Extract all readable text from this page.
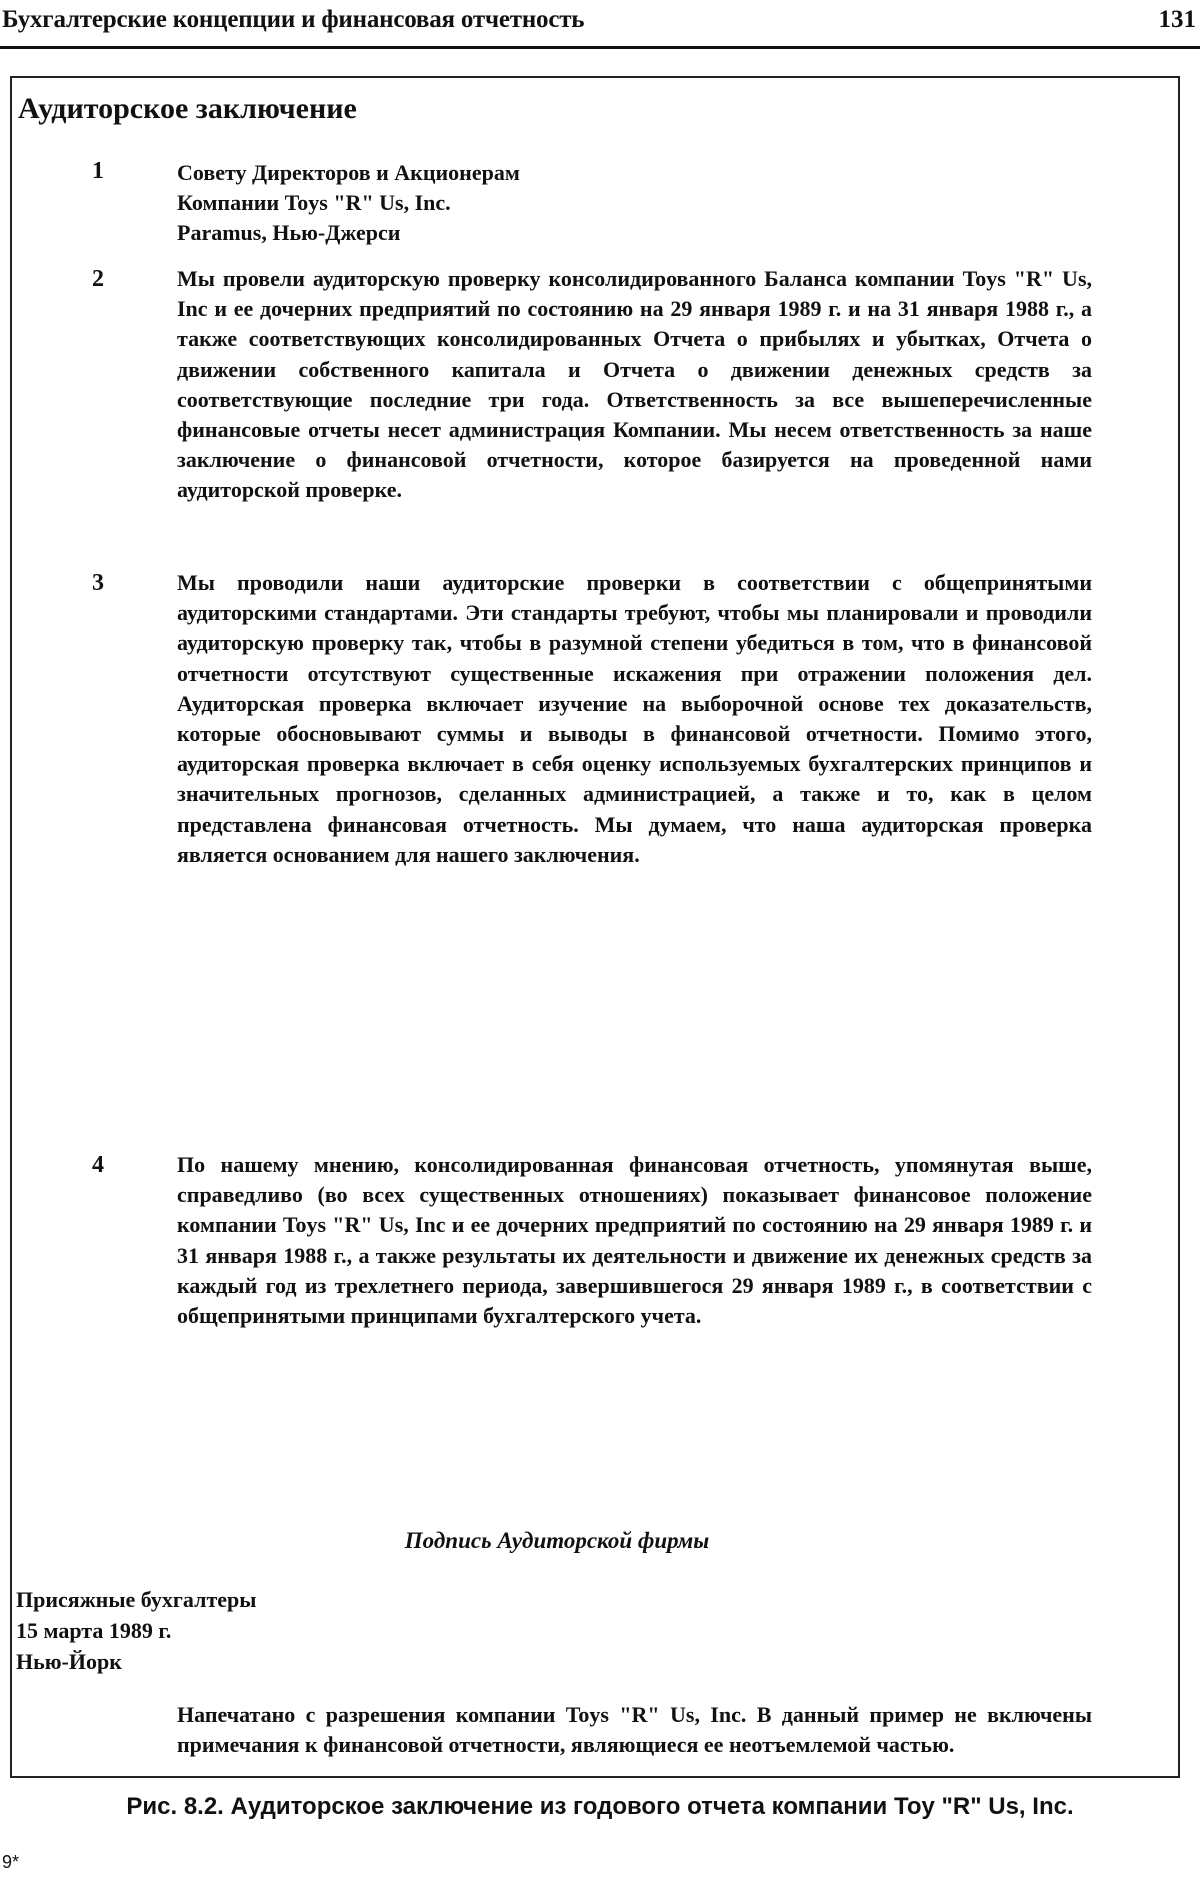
Бухгалтерские концепции и финансовая отчетность	131
Аудиторское заключение
1	Совету Директоров и Акционерам
Компании Toys "R" Us, Inc.
Paramus, Нью-Джерси
2	Мы провели аудиторскую проверку консолидированного Баланса компании Toys "R" Us, Inc и ее дочерних предприятий по состоянию на 29 января 1989 г. и на 31 января 1988 г., а также соответствующих консолидированных Отчета о прибылях и убытках, Отчета о движении собственного капитала и Отчета о движении денежных средств за соответствующие последние три года. Ответственность за все вышеперечисленные финансовые отчеты несет администрация Компании. Мы несем ответственность за наше заключение о финансовой отчетности, которое базируется на проведенной нами аудиторской проверке.
3	Мы проводили наши аудиторские проверки в соответствии с общепринятыми аудиторскими стандартами. Эти стандарты требуют, чтобы мы планировали и проводили аудиторскую проверку так, чтобы в разумной степени убедиться в том, что в финансовой отчетности отсутствуют существенные искажения при отражении положения дел. Аудиторская проверка включает изучение на выборочной основе тех доказательств, которые обосновывают суммы и выводы в финансовой отчетности. Помимо этого, аудиторская проверка включает в себя оценку используемых бухгалтерских принципов и значительных прогнозов, сделанных администрацией, а также и то, как в целом представлена финансовая отчетность. Мы думаем, что наша аудиторская проверка является основанием для нашего заключения.
4	По нашему мнению, консолидированная финансовая отчетность, упомянутая выше, справедливо (во всех существенных отношениях) показывает финансовое положение компании Toys "R" Us, Inc и ее дочерних предприятий по состоянию на 29 января 1989 г. и 31 января 1988 г., а также результаты их деятельности и движение их денежных средств за каждый год из трехлетнего периода, завершившегося 29 января 1989 г., в соответствии с общепринятыми принципами бухгалтерского учета.
Подпись Аудиторской фирмы
Присяжные бухгалтеры
15 марта 1989 г.
Нью-Йорк
Напечатано с разрешения компании Toys "R" Us, Inc. В данный пример не включены примечания к финансовой отчетности, являющиеся ее неотъемлемой частью.
Рис. 8.2. Аудиторское заключение из годового отчета компании Toy "R" Us, Inc.
9*
